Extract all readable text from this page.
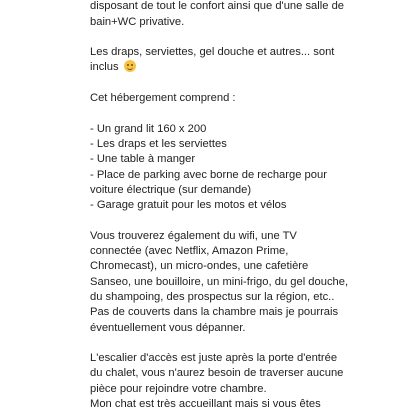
disposant de tout le confort ainsi que d'une salle de
bain+WC privative.
Les draps, serviettes, gel douche et autres... sont
inclus
Cet hébergement comprend :
- Un grand lit 160 x 200
- Les draps et les serviettes
- Une table à manger
- Place de parking avec borne de recharge pour
voiture électrique (sur demande)
- Garage gratuit pour les motos et vélos
Vous trouverez également du wifi, une TV
connectée (avec Netflix, Amazon Prime,
Chromecast), un micro-ondes, une cafetière
Sanseo, une bouilloire, un mini-frigo, du gel douche,
du shampoing, des prospectus sur la région, etc..
Pas de couverts dans la chambre mais je pourrais
éventuellement vous dépanner.
L'escalier d'accès est juste après la porte d'entrée
du chalet, vous n'aurez besoin de traverser aucune
pièce pour rejoindre votre chambre.
Mon chat est très accueillant mais si vous êtes
